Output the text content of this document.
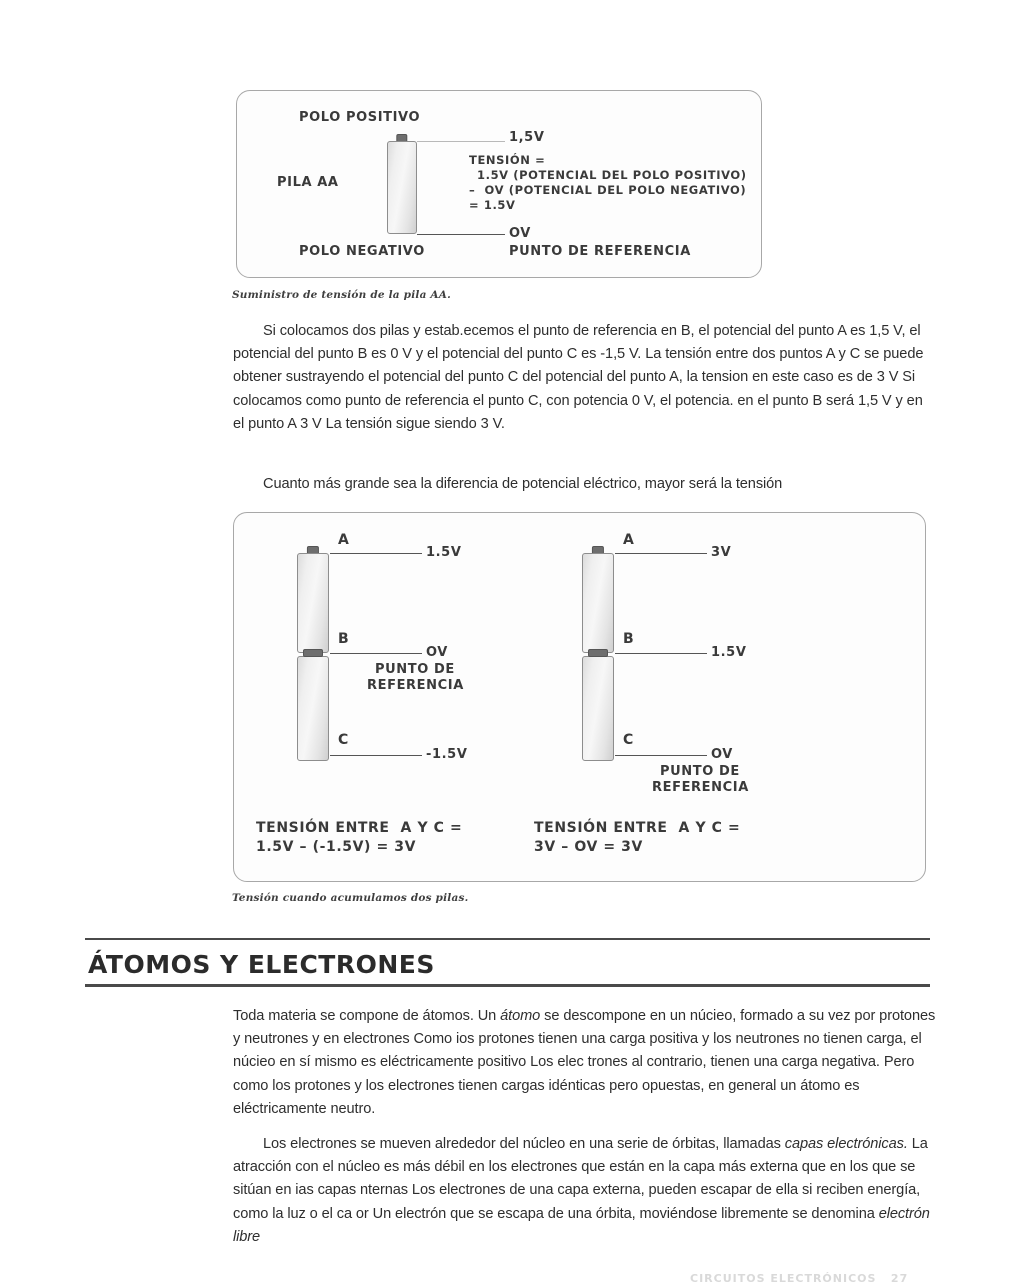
POLO POSITIVO
PILA AA
1,5V
TENSIÓN =
1.5V (POTENCIAL DEL POLO POSITIVO)
–  OV (POTENCIAL DEL POLO NEGATIVO)
= 1.5V
OV
POLO NEGATIVO	PUNTO DE REFERENCIA
Suministro de tensión de la pila AA.
Si colocamos dos pilas y estab.ecemos el punto de referencia en B, el potencial del punto A es 1,5 V, el potencial del punto B es 0 V y el potencial del punto C es -1,5 V. La tensión entre dos puntos A y C se puede obtener sustrayendo el potencial del punto C del potencial del punto A, la tension en este caso es de 3 V Si colocamos como punto de referencia el punto C, con potencia 0 V, el potencia. en el punto B será 1,5 V y en el punto A 3 V La tensión sigue siendo 3 V.
Cuanto más grande sea la diferencia de potencial eléctrico, mayor será la tensión
A
1.5V
B
OV
PUNTO DE
REFERENCIA
C
-1.5V
TENSIÓN ENTRE  A Y C =
1.5V – (-1.5V) = 3V
A
3V
B
1.5V
C
OV
PUNTO DE
REFERENCIA
TENSIÓN ENTRE  A Y C =
3V – OV = 3V
Tensión cuando acumulamos dos pilas.
ÁTOMOS Y ELECTRONES
Toda materia se compone de átomos. Un átomo se descompone en un núcieo, formado a su vez por protones y neutrones y en electrones Como ios protones tienen una carga positiva y los neutrones no tienen carga, el núcieo en sí mismo es eléctricamente positivo Los elec trones al contrario, tienen una carga negativa. Pero como los protones y los electrones tienen cargas idénticas pero opuestas, en general un átomo es eléctricamente neutro.
Los electrones se mueven alrededor del núcleo en una serie de órbitas, llamadas capas electrónicas. La atracción con el núcleo es más débil en los electrones que están en la capa más externa que en los que se sitúan en ias capas nternas Los electrones de una capa externa, pueden escapar de ella si reciben energía, como la luz o el ca or Un electrón que se escapa de una órbita, moviéndose libremente se denomina electrón libre
CIRCUITOS ELECTRÓNICOS   27
